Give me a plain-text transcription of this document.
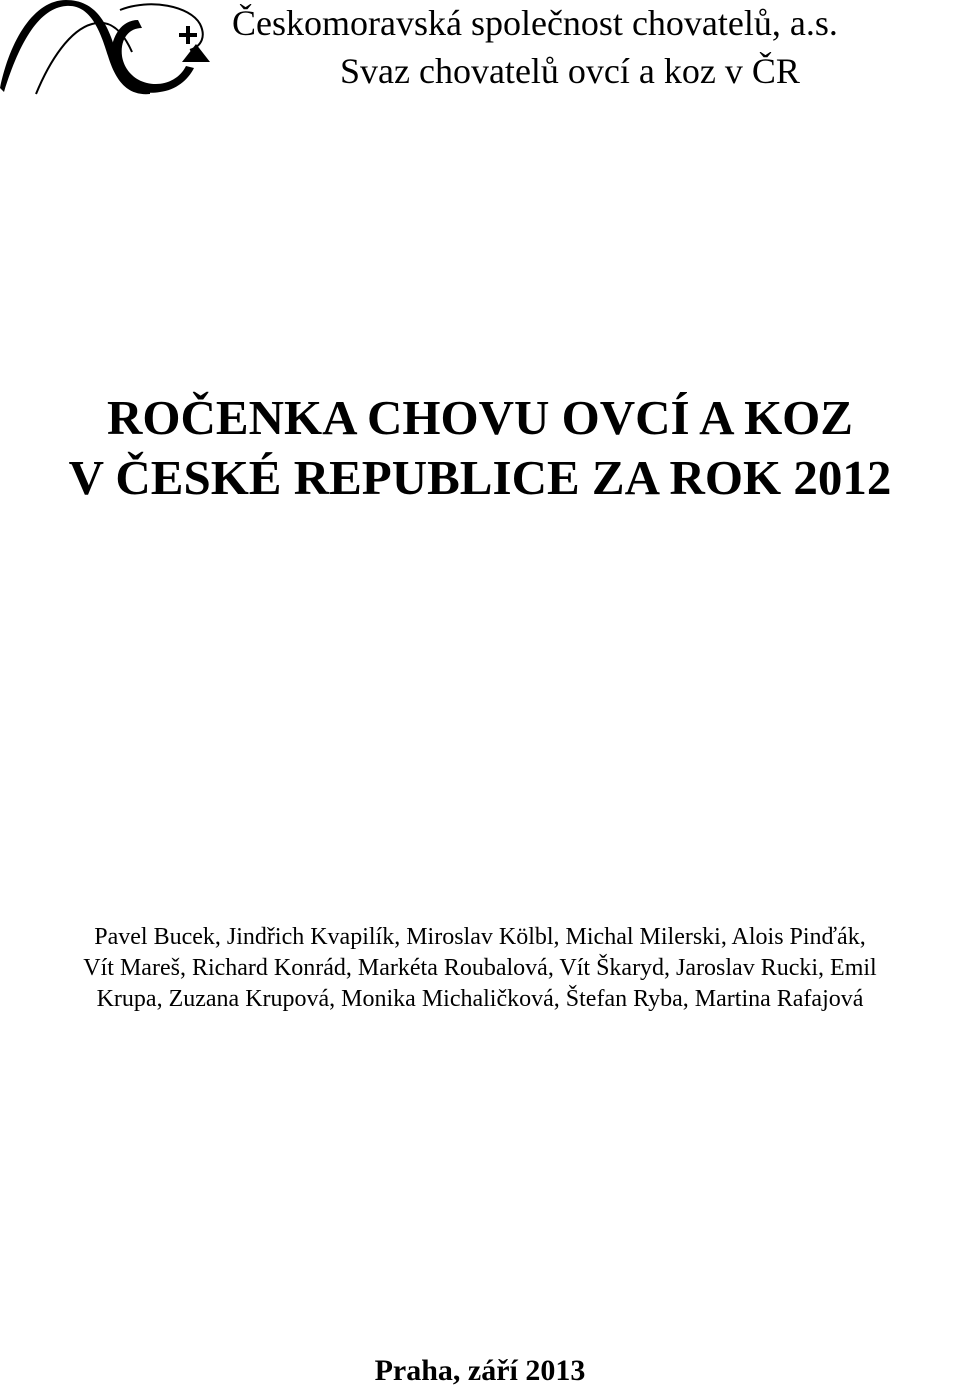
Českomoravská společnost chovatelů, a.s.
Svaz chovatelů ovcí a koz v ČR
ROČENKA CHOVU OVCÍ A KOZ
V ČESKÉ REPUBLICE ZA ROK 2012
Pavel Bucek, Jindřich Kvapilík, Miroslav Kölbl, Michal Milerski, Alois Pinďák,
Vít Mareš, Richard Konrád, Markéta Roubalová, Vít Škaryd, Jaroslav Rucki, Emil
Krupa, Zuzana Krupová, Monika Michaličková, Štefan Ryba, Martina Rafajová
Praha, září 2013
